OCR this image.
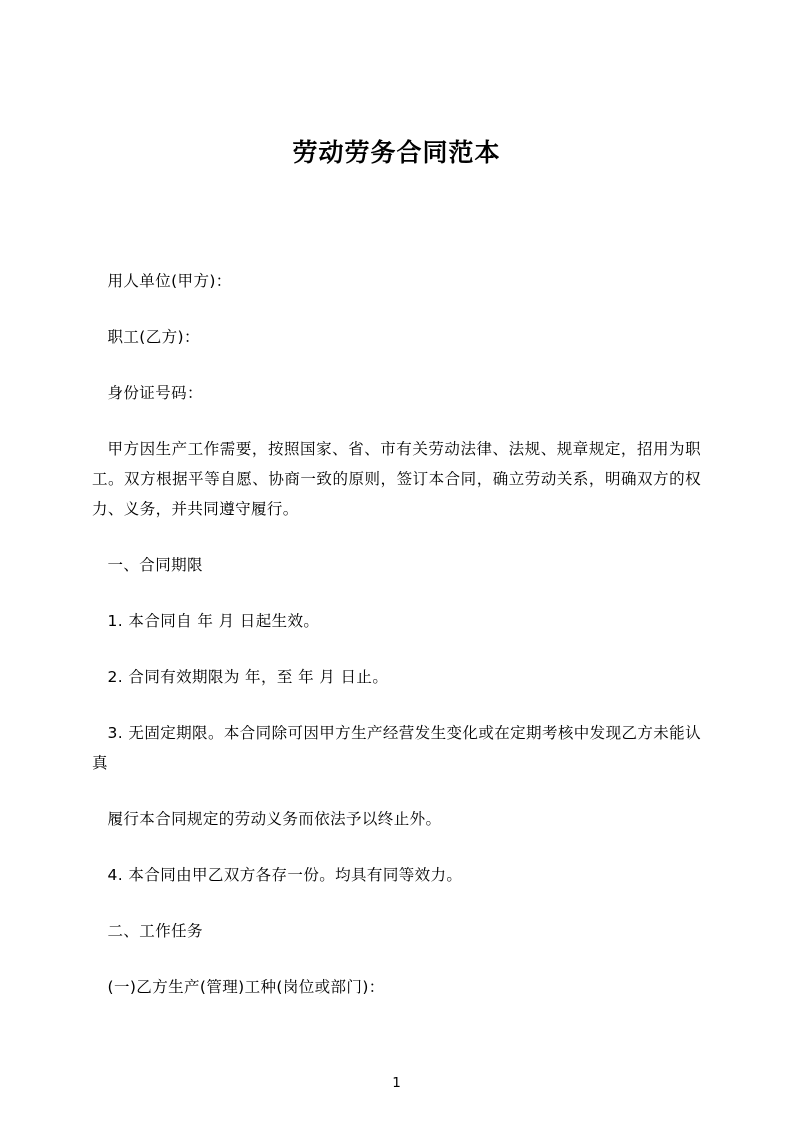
劳动劳务合同范本

用人单位(甲方)：

职工(乙方)：

身份证号码：

甲方因生产工作需要，按照国家、省、市有关劳动法律、法规、规章规定，招用为职工。双方根据平等自愿、协商一致的原则，签订本合同，确立劳动关系，明确双方的权力、义务，并共同遵守履行。

一、合同期限

1. 本合同自 年 月 日起生效。

2. 合同有效期限为 年，至 年 月 日止。

3. 无固定期限。本合同除可因甲方生产经营发生变化或在定期考核中发现乙方未能认真

履行本合同规定的劳动义务而依法予以终止外。

4. 本合同由甲乙双方各存一份。均具有同等效力。

二、工作任务

(一)乙方生产(管理)工种(岗位或部门)：

1
